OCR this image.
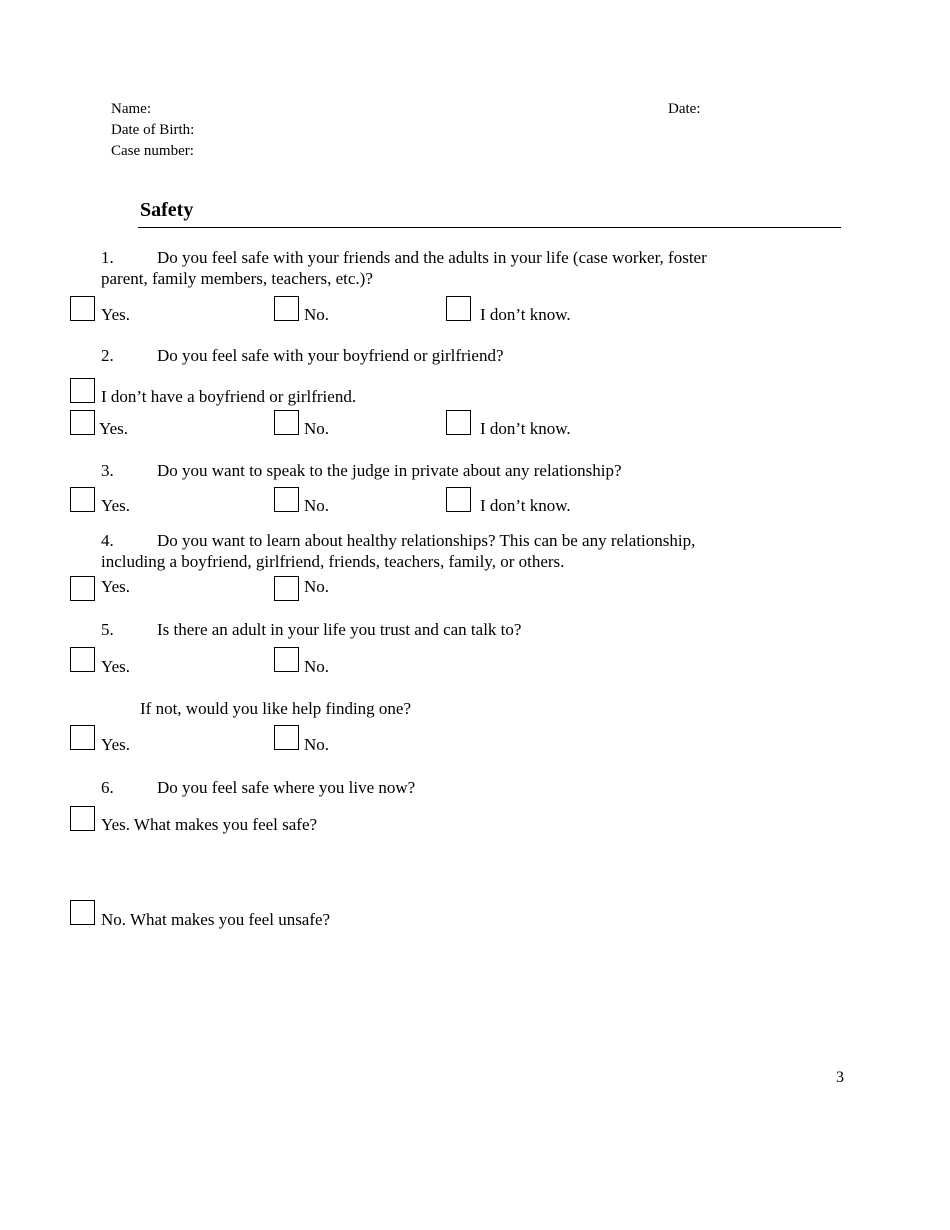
Name:	Date:
Date of Birth:
Case number:
Safety
1.	Do you feel safe with your friends and the adults in your life (case worker, foster
parent, family members, teachers, etc.)?
Yes.	No.	I don’t know.
2.	Do you feel safe with your boyfriend or girlfriend?
I don’t have a boyfriend or girlfriend.
Yes.	No.	I don’t know.
3.	Do you want to speak to the judge in private about any relationship?
Yes.	No.	I don’t know.
4.	Do you want to learn about healthy relationships? This can be any relationship,
including a boyfriend, girlfriend, friends, teachers, family, or others.
Yes.	No.
5.	Is there an adult in your life you trust and can talk to?
Yes.	No.
If not, would you like help finding one?
Yes.	No.
6.	Do you feel safe where you live now?
Yes. What makes you feel safe?
No. What makes you feel unsafe?
3
